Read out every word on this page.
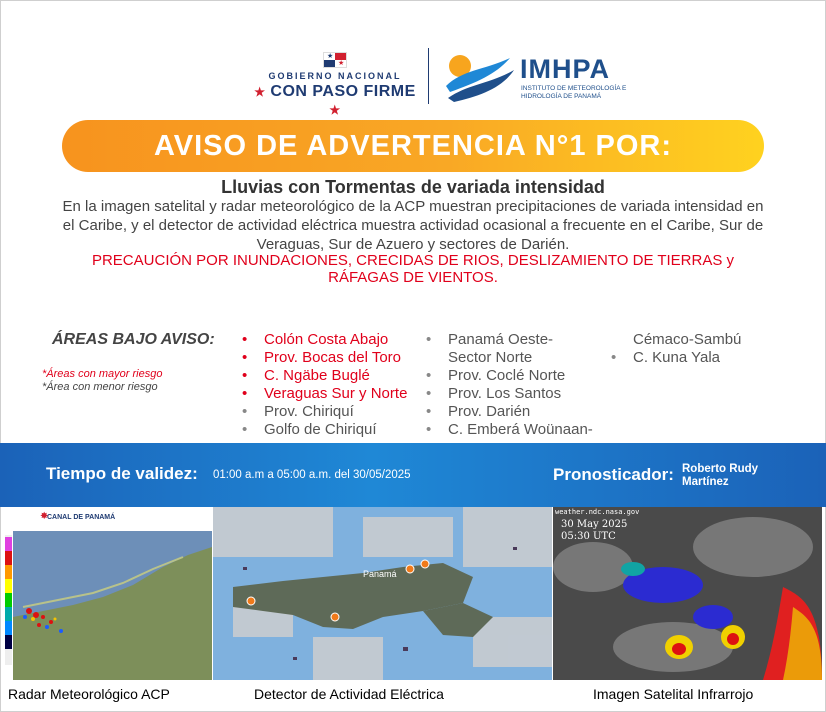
★
★
GOBIERNO NACIONAL
★ CON PASO FIRME ★
IMHPA
INSTITUTO DE METEOROLOGÍA E HIDROLOGÍA DE PANAMÁ
AVISO DE ADVERTENCIA N°1 POR:
Lluvias con Tormentas de variada intensidad
En la imagen satelital y radar meteorológico de la ACP muestran precipitaciones de variada intensidad en el Caribe, y el detector de actividad eléctrica muestra actividad ocasional a frecuente en el Caribe, Sur de Veraguas, Sur de Azuero y sectores de Darién.
PRECAUCIÓN POR INUNDACIONES, CRECIDAS DE RIOS, DESLIZAMIENTO DE TIERRAS y RÁFAGAS DE VIENTOS.
ÁREAS BAJO AVISO:
*Áreas con mayor riesgo
*Área con menor riesgo
• Colón Costa Abajo
• Prov. Bocas del Toro
• C. Ngäbe Buglé
• Veraguas Sur y Norte
• Prov. Chiriquí
• Golfo de Chiriquí
• Panamá Oeste-
Sector Norte
• Prov. Coclé Norte
• Prov. Los Santos
• Prov. Darién
• C. Emberá Woünaan-
Cémaco-Sambú
• C. Kuna Yala
Tiempo de validez: 01:00 a.m a 05:00 a.m. del 30/05/2025	Pronosticador: Roberto Rudy Martínez
CANAL DE PANAMÁ
✸
Radar Meteorológico ACP
Panamá
Detector de Actividad Eléctrica
weather.ndc.nasa.gov
30 May 2025
05:30 UTC
Imagen Satelital Infrarrojo
